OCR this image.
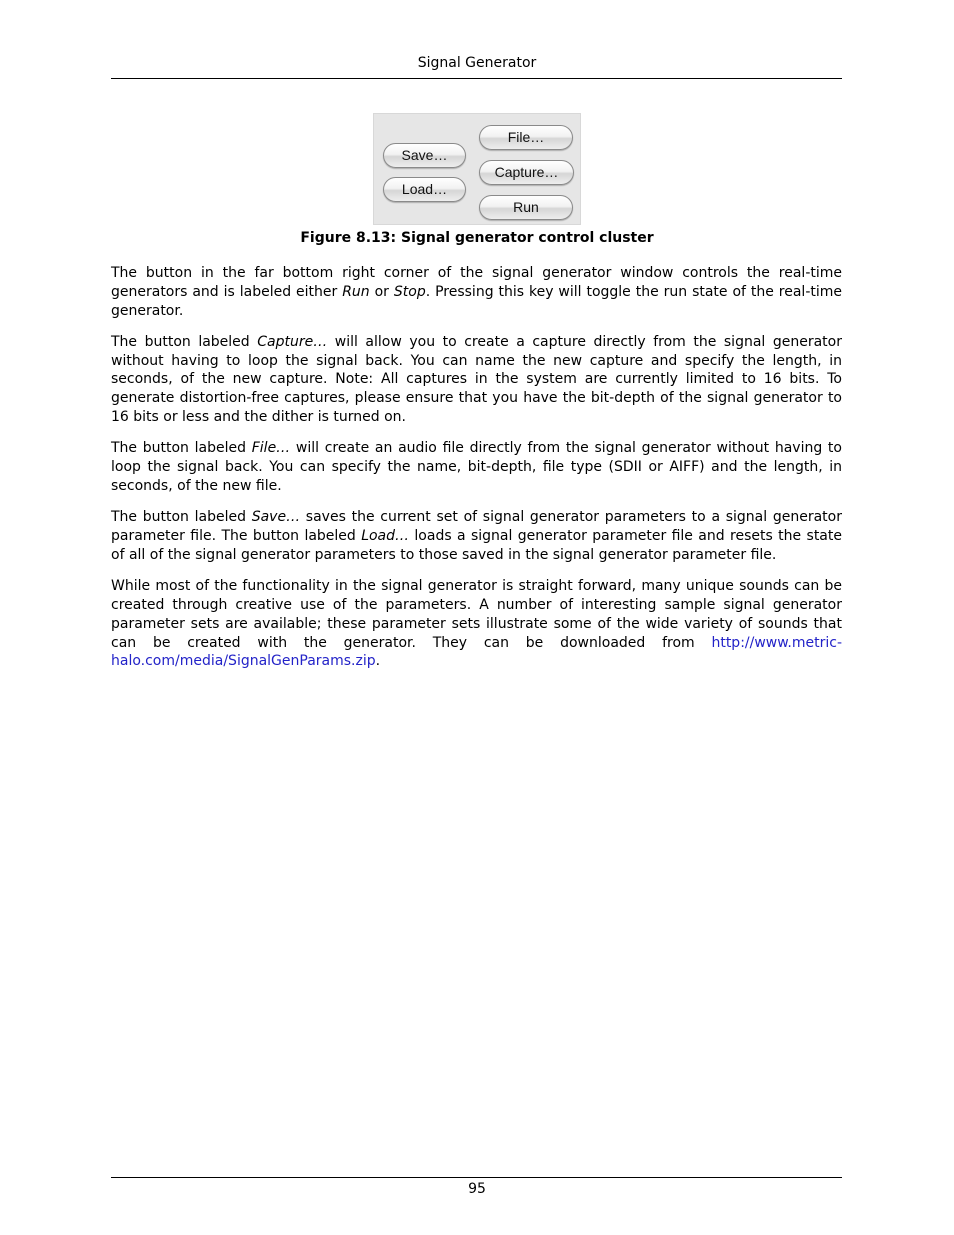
Signal Generator
Save…
Load…
File…
Capture…
Run
Figure 8.13: Signal generator control cluster

The button in the far bottom right corner of the signal generator window controls the real-time generators and is labeled either Run or Stop. Pressing this key will toggle the run state of the real-time generator.

The button labeled Capture… will allow you to create a capture directly from the signal generator without having to loop the signal back. You can name the new capture and specify the length, in seconds, of the new capture. Note: All captures in the system are currently limited to 16 bits. To generate distortion-free captures, please ensure that you have the bit-depth of the signal generator to 16 bits or less and the dither is turned on.

The button labeled File… will create an audio file directly from the signal generator without having to loop the signal back. You can specify the name, bit-depth, file type (SDII or AIFF) and the length, in seconds, of the new file.

The button labeled Save… saves the current set of signal generator parameters to a signal generator parameter file. The button labeled Load… loads a signal generator parameter file and resets the state of all of the signal generator parameters to those saved in the signal generator parameter file.

While most of the functionality in the signal generator is straight forward, many unique sounds can be created through creative use of the parameters. A number of interesting sample signal generator parameter sets are available; these parameter sets illustrate some of the wide variety of sounds that can be created with the generator. They can be downloaded from http://www.metric-halo.com/media/SignalGenParams.zip.

95
